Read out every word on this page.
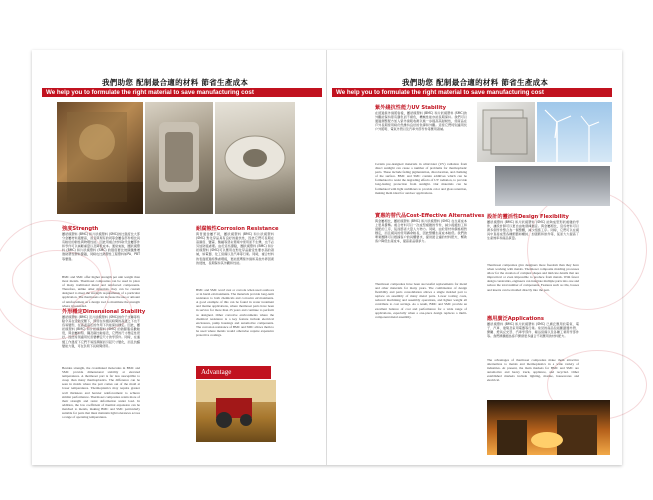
我們助您 配制最合適的材料 節省生產成本
We help you to formulate the right material to save manufacturing cost
強度Strength
團狀模塑料 (BMC) 和片狀模塑料 (SMC)的比强度比大部分金屬材料還要高，而且與現有的同等金屬各部件相比具有較好的韌性與物理性能。因此用複合材料取代金屬部件和零件可以減輕重量以及降低成本。通常來說，團狀模塑料 (BMC) 和片狀模塑料 (SMC) 的强度要比玻璃纖維增強熱塑性塑料優越，同時也比熱塑性工程塑料如PA、PBT等要强。
BMC and SMC offer higher strength per unit weight than most metals. Thermoset composites can be used in place of many traditional metal and reinforced components. Therefore, unlike other materials, they can be custom designed to meet the strength requirements of a particular application. The thermosets can increase the use or amount of reinforcement as a design tool to maximize the strength where it is needed.
外形穩定Dimensional Stability
團狀模塑料 (BMC) 及片狀模塑料 (SMC)的份子交聯等特點令其在受熱受壓下，即使在持續長時間的高溫之下也不容易變形，在高温高压的作用下仍能保持穩定。因此，團狀模塑料 (BMC) 和片狀模塑料 (SMC) 的熱膨脹係數較低，與金屬如鋁、鋼及銅比較接近，它們的尺寸穩定性很好，因此特別適用於需要精密尺寸的零部件。同時，在連續工作溫度下它們不易因潮濕而引起尺寸變化，而且抗蠕變能力强，可在负荷下長時間使用。
Besides strength, the crosslinked molecules in BMC and SMC provide dimensional stability at elevated temperatures. A thermoset part is far less susceptible to creep than many thermoplastics. The difference can be seen in molds where the part comes out of the mold at lower temperatures. Thermoplastics may require greater wall thickness and heavier reinforcement to achieve similar performance. Thermoset composites retain more of their strength and resist deformation under load. In addition, the low coefficient of thermal expansion can be matched to metals, making BMC and SMC particularly suitable for parts that must maintain tight tolerances across a range of operating temperatures.
耐腐蝕性Corrosion Resistance
與普通金屬不同，團狀模塑料 (BMC) 和片狀模塑料 (SMC) 對化學品具有良好的耐抗性，因此它們可長期在高濕度、鹽霧、酸鹼等惡劣環境中使用而不生銹，也不必另加防腐處理。由於這些優點，團狀模塑料 (BMC) 和片狀模塑料 (SMC)可以應用在對化學品耐受性要求高的領域，如電器、化工設備以及汽車等行業。同時，複合材料的表面經過特殊處理後，更能抵禦紫外線和其他外界因素的侵蝕，長期保持其外觀和性能。
BMC and SMC won't rust or corrode when used outdoors or in harsh environments. The materials provide long-term resistance to both chemicals and corrosive environments. A good example of this can be found in water treatment and marine applications, where thermoset parts have been in service for more than 25 years and continue to perform as designed. Other corrosive environments where the chemical resistance is a key feature include electrical enclosures, pump housings and automotive components. The corrosion resistance of BMC and SMC allows them to be used where metals would otherwise require expensive protective coatings.
Advantage
我們助您 配制最合適的材料 節省生產成本
We help you to formulate the right material to save manufacturing cost
紫外綫抗性能力UV Stability
在經過紫外線照射後，團狀模塑料 (BMC) 和片狀模塑料 (SMC)的外觀能保持原有顏色而不褪色，機械性能亦能長期保持。我們可以通過調整配方加入紫外線吸收劑以進一步提高其耐候性，使產品在戶外長期使用時仍然維持良好的色澤和外觀。這使它們特別適用於户外照明、電氣外殼以及汽車外部零件等應用領域。
Certain pre-designed materials in ultraviolet (UV) radiation from direct sunlight can cause a number of problems for thermoplastic parts. These include fading pigmentation, discoloration, and chalking of the surface. BMC and SMC contain additives which can be formulated to resist the degrading effects of UV radiation, to provide long-lasting protection from sunlight. Our materials can be formulated with light stabilizers to provide color and gloss retention, making them ideal for outdoor applications.
實惠的替代品Cost-Effective Alternatives
與金屬相比，團狀模塑料 (BMC) 和片狀模塑料 (SMC) 在生產成本上更具優勢。複合材料可以一次成型複雜的零件，減少後續加工和裝配的工序，從而節省大量人力物力。同時，由於原材料價格相對穩定，而且模具的使用壽命較長，因此整體生產成本較低。我們的專業團隊可以根據客户的具體要求，提供最合適的材料配方，幫助客户降低生產成本，提高產品競爭力。
Thermoset composites have been successful replacements for metal and other materials for many years. The combination of design flexibility and parts consolidation allows a single molded part to replace an assembly of many metal parts. Lower tooling costs, reduced machining and assembly operations, and lighter weight all contribute to cost savings. As a result, BMC and SMC provide an excellent balance of cost and performance for a wide range of applications, especially when a one-piece design replaces a multi-component metal assembly.
設計的靈活性Design Flexibility
團狀模塑料 (BMC) 和片狀模塑料 (SMC) 能夠成型形狀複雜的零件，讓設計師可以更自由地發揮創意。與金屬相比，這些材料可以將多個零件整合為一個整體，減少組裝工序。同時，它們可以在模具中直接成型各種細節如螺紋、加强筋和嵌件等，從而大大提高了生產效率和產品質量。
Thermoset composites give designers more freedom than they have when working with metals. Thermoset composite molding processes allow for the creation of complex shapes and intricate details that are impractical or even impossible to produce from metals. With fewer design constraints, engineers can integrate multiple parts into one and reduce the total number of components. Features such as ribs, bosses and inserts can be molded directly into the part.
應用廣泛Applications
團狀模塑料 (BMC) 和片狀模塑料 (SMC) 已廣泛應用於電氣、電子、汽車、建築及家用電器等行業。常見的產品包括斷路器外殼、開關、燈具反光罩、汽車零部件、衛浴設備以及各種工業用零部件等。我們將繼續為客戶開發更多適合不同應用的材料配方。
The advantages of thermoset composites make them attractive alternatives to metals and thermoplastics in a wide variety of industries. At present, the main markets for BMC and SMC are automotive and heavy truck, appliance, and recycled. Other established markets include lighting, marine, housewares and electrical.
